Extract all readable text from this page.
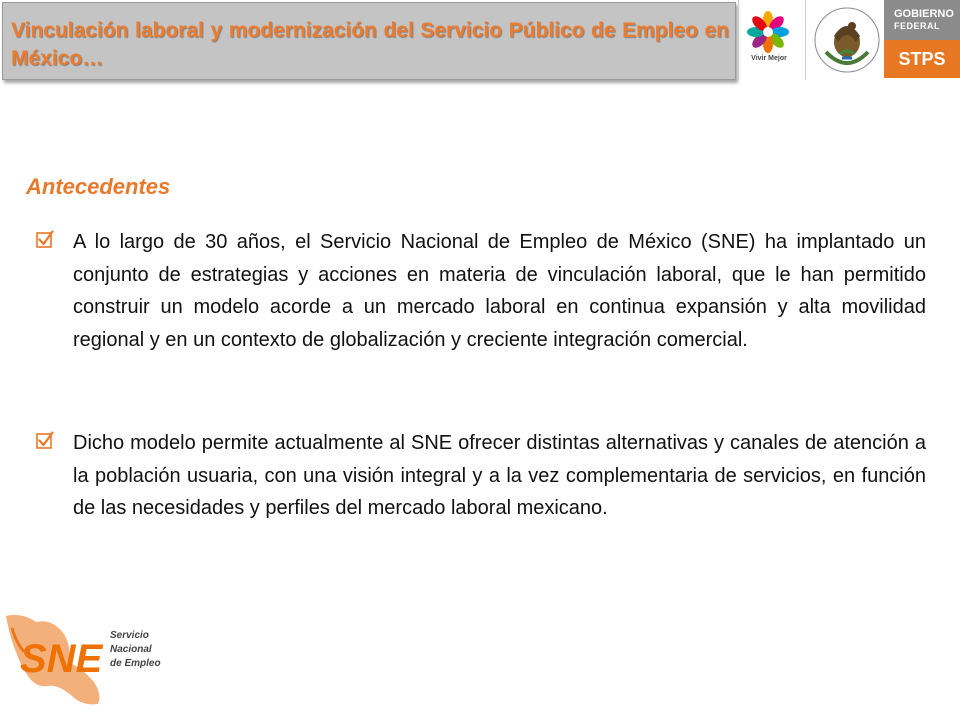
Vinculación laboral y modernización del Servicio Público de Empleo en México…	Vivir Mejor
GOBIERNO
FEDERAL
STPS
Antecedentes
A lo largo de 30 años, el Servicio Nacional de Empleo de México (SNE) ha implantado un conjunto de estrategias y acciones en materia de vinculación laboral, que le han permitido construir un modelo acorde a un mercado laboral en continua expansión y alta movilidad regional y en un contexto de globalización y creciente integración comercial.
Dicho modelo permite actualmente al SNE ofrecer distintas alternativas y canales de atención a la población usuaria, con una visión integral y a la vez complementaria de servicios, en función de las necesidades y perfiles del mercado laboral mexicano.
SNE
Servicio
Nacional
de Empleo
